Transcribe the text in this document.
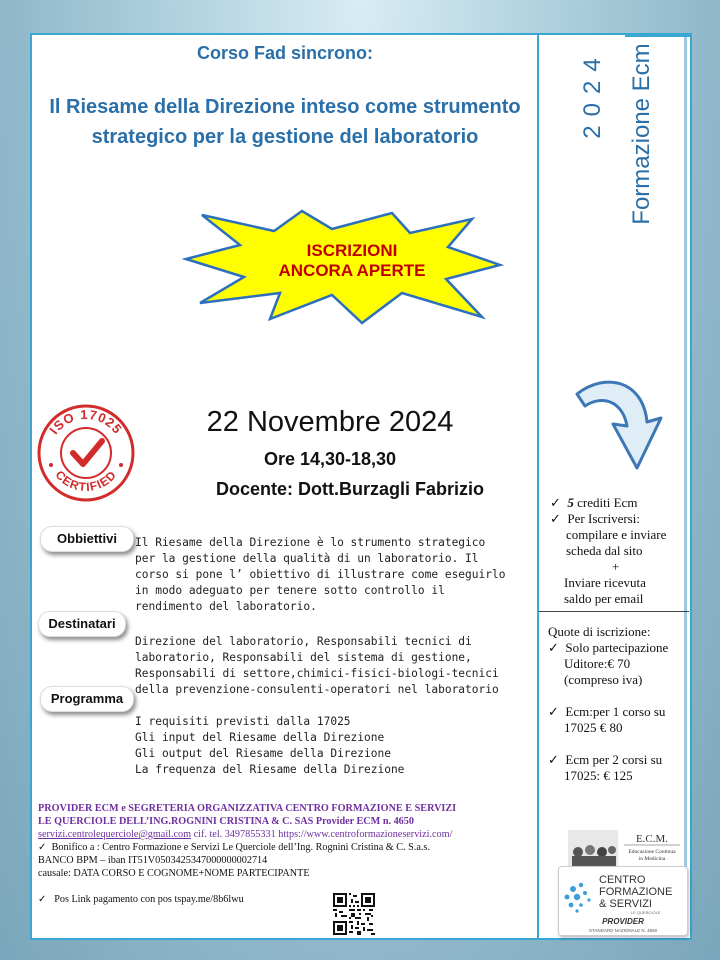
Corso Fad sincrono:
Il Riesame della Direzione inteso come strumento
strategico per la gestione del laboratorio	2024 Formazione Ecm
ISCRIZIONI
ANCORA APERTE
ISO 17025
CERTIFIED
22 Novembre 2024
Ore 14,30-18,30
Docente: Dott.Burzagli Fabrizio
Obbiettivi	Il Riesame della Direzione è lo strumento strategico
per la gestione della qualità di un laboratorio. Il
corso si pone l’ obiettivo di illustrare come eseguirlo
in modo adeguato per tenere sotto controllo il
rendimento del laboratorio.
Destinatari

Direzione del laboratorio, Responsabili tecnici di
laboratorio, Responsabili del sistema di gestione,
Responsabili di settore,chimici-fisici-biologi-tecnici
della prevenzione-consulenti-operatori nel laboratorio
Programma

I requisiti previsti dalla 17025
Gli input del Riesame della Direzione
Gli output del Riesame della Direzione
La frequenza del Riesame della Direzione
✓ 5 crediti Ecm
✓ Per Iscriversi:
compilare e inviare
scheda dal sito
+
Inviare ricevuta
saldo per email
Quote di iscrizione:
✓ Solo partecipazione
Uditore:€ 70
(compreso iva)
✓ Ecm:per 1 corso su
17025 € 80
✓ Ecm per 2 corsi su
17025: € 125
PROVIDER ECM e SEGRETERIA ORGANIZZATIVA CENTRO FORMAZIONE E SERVIZI
LE QUERCIOLE DELL’ING.ROGNINI CRISTINA & C. SAS Provider ECM n. 4650
servizi.centrolequerciole@gmail.com cif. tel. 3497855331 https://www.centroformazioneservizi.com/
✓ Bonifico a : Centro Formazione e Servizi Le Querciole dell’Ing. Rognini Cristina & C. S.a.s.
BANCO BPM – iban IT51V0503425347000000002714
causale: DATA CORSO E COGNOME+NOME PARTECIPANTE
✓ Pos Link pagamento con pos tspay.me/8b6lwu
E.C.M.
Educazione Continua
in Medicina
CENTRO
FORMAZIONE
& SERVIZI
LE QUERCIOLE
PROVIDER
STANDARD NAZIONALE N. 4650
